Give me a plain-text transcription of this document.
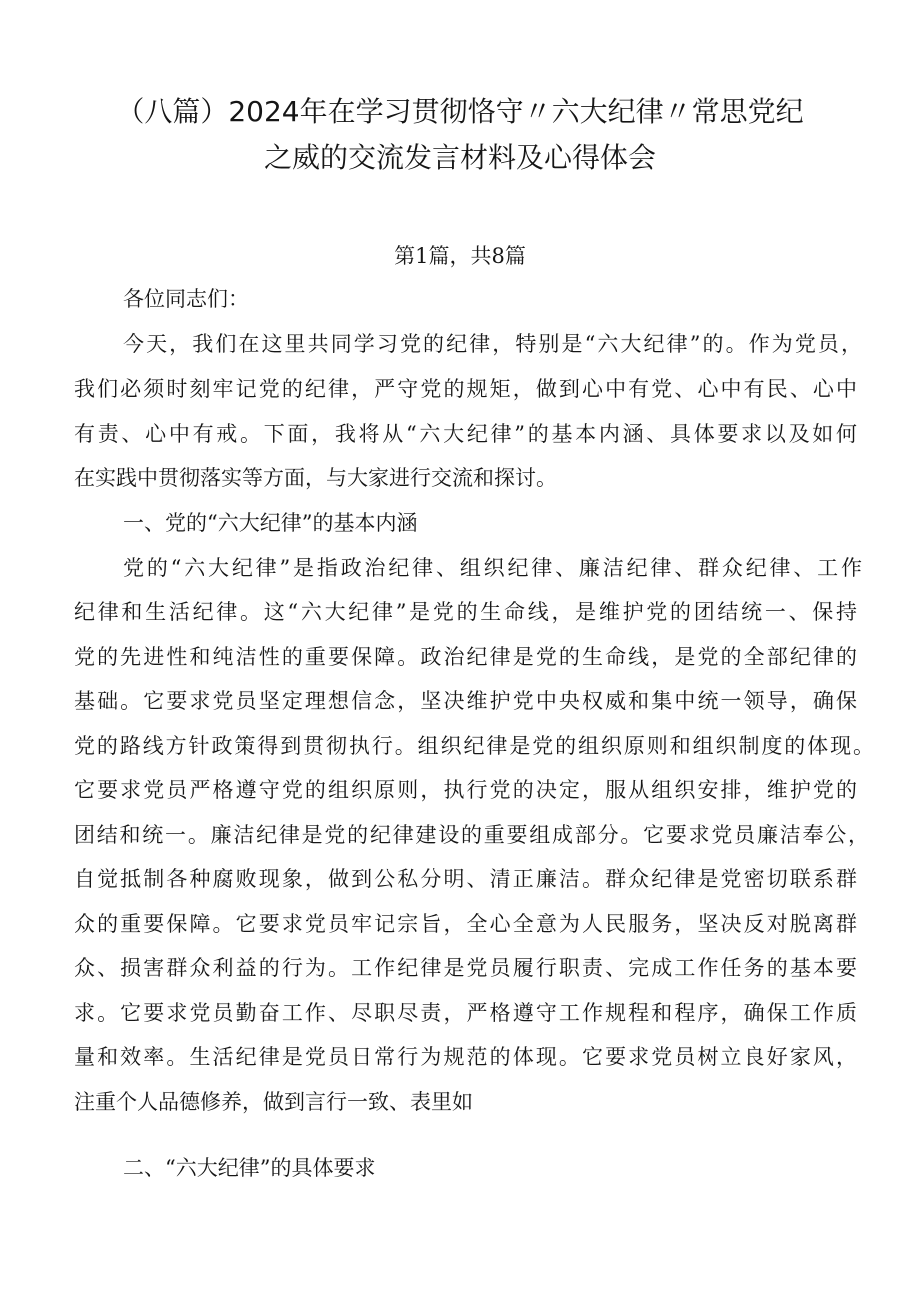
（八篇）2024年在学习贯彻恪守〃六大纪律〃常思党纪
之威的交流发言材料及心得体会
第1篇，共8篇
各位同志们：
今天，我们在这里共同学习党的纪律，特别是“六大纪律”的。作为党员，
我们必须时刻牢记党的纪律，严守党的规矩，做到心中有党、心中有民、心中
有责、心中有戒。下面，我将从“六大纪律”的基本内涵、具体要求以及如何
在实践中贯彻落实等方面，与大家进行交流和探讨。
一、党的“六大纪律”的基本内涵
党的“六大纪律”是指政治纪律、组织纪律、廉洁纪律、群众纪律、工作
纪律和生活纪律。这“六大纪律”是党的生命线，是维护党的团结统一、保持
党的先进性和纯洁性的重要保障。政治纪律是党的生命线，是党的全部纪律的
基础。它要求党员坚定理想信念，坚决维护党中央权威和集中统一领导，确保
党的路线方针政策得到贯彻执行。组织纪律是党的组织原则和组织制度的体现。
它要求党员严格遵守党的组织原则，执行党的决定，服从组织安排，维护党的
团结和统一。廉洁纪律是党的纪律建设的重要组成部分。它要求党员廉洁奉公，
自觉抵制各种腐败现象，做到公私分明、清正廉洁。群众纪律是党密切联系群
众的重要保障。它要求党员牢记宗旨，全心全意为人民服务，坚决反对脱离群
众、损害群众利益的行为。工作纪律是党员履行职责、完成工作任务的基本要
求。它要求党员勤奋工作、尽职尽责，严格遵守工作规程和程序，确保工作质
量和效率。生活纪律是党员日常行为规范的体现。它要求党员树立良好家风，
注重个人品德修养，做到言行一致、表里如
二、“六大纪律”的具体要求
